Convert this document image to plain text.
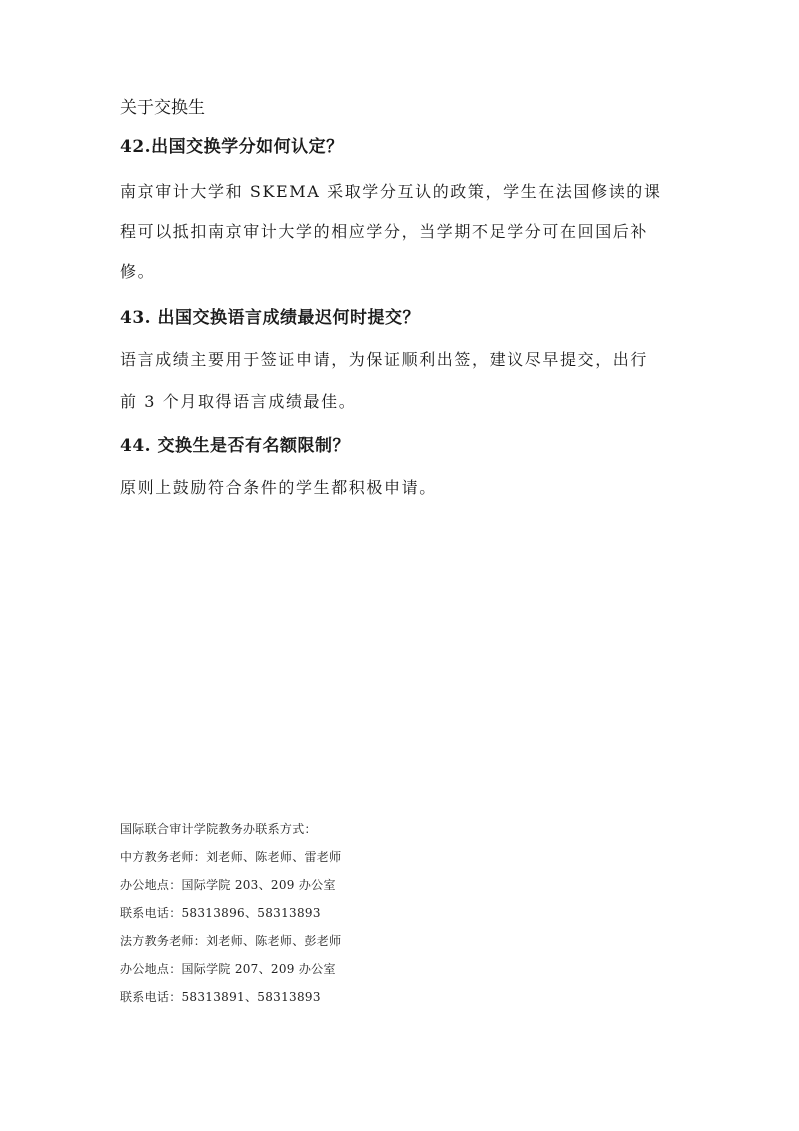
关于交换生
42.出国交换学分如何认定？
南京审计大学和 SKEMA 采取学分互认的政策，学生在法国修读的课
程可以抵扣南京审计大学的相应学分，当学期不足学分可在回国后补
修。
43. 出国交换语言成绩最迟何时提交？
语言成绩主要用于签证申请，为保证顺利出签，建议尽早提交，出行
前 3 个月取得语言成绩最佳。
44. 交换生是否有名额限制？
原则上鼓励符合条件的学生都积极申请。
国际联合审计学院教务办联系方式：
中方教务老师：刘老师、陈老师、雷老师
办公地点：国际学院 203、209 办公室
联系电话：58313896、58313893
法方教务老师：刘老师、陈老师、彭老师
办公地点：国际学院 207、209 办公室
联系电话：58313891、58313893
